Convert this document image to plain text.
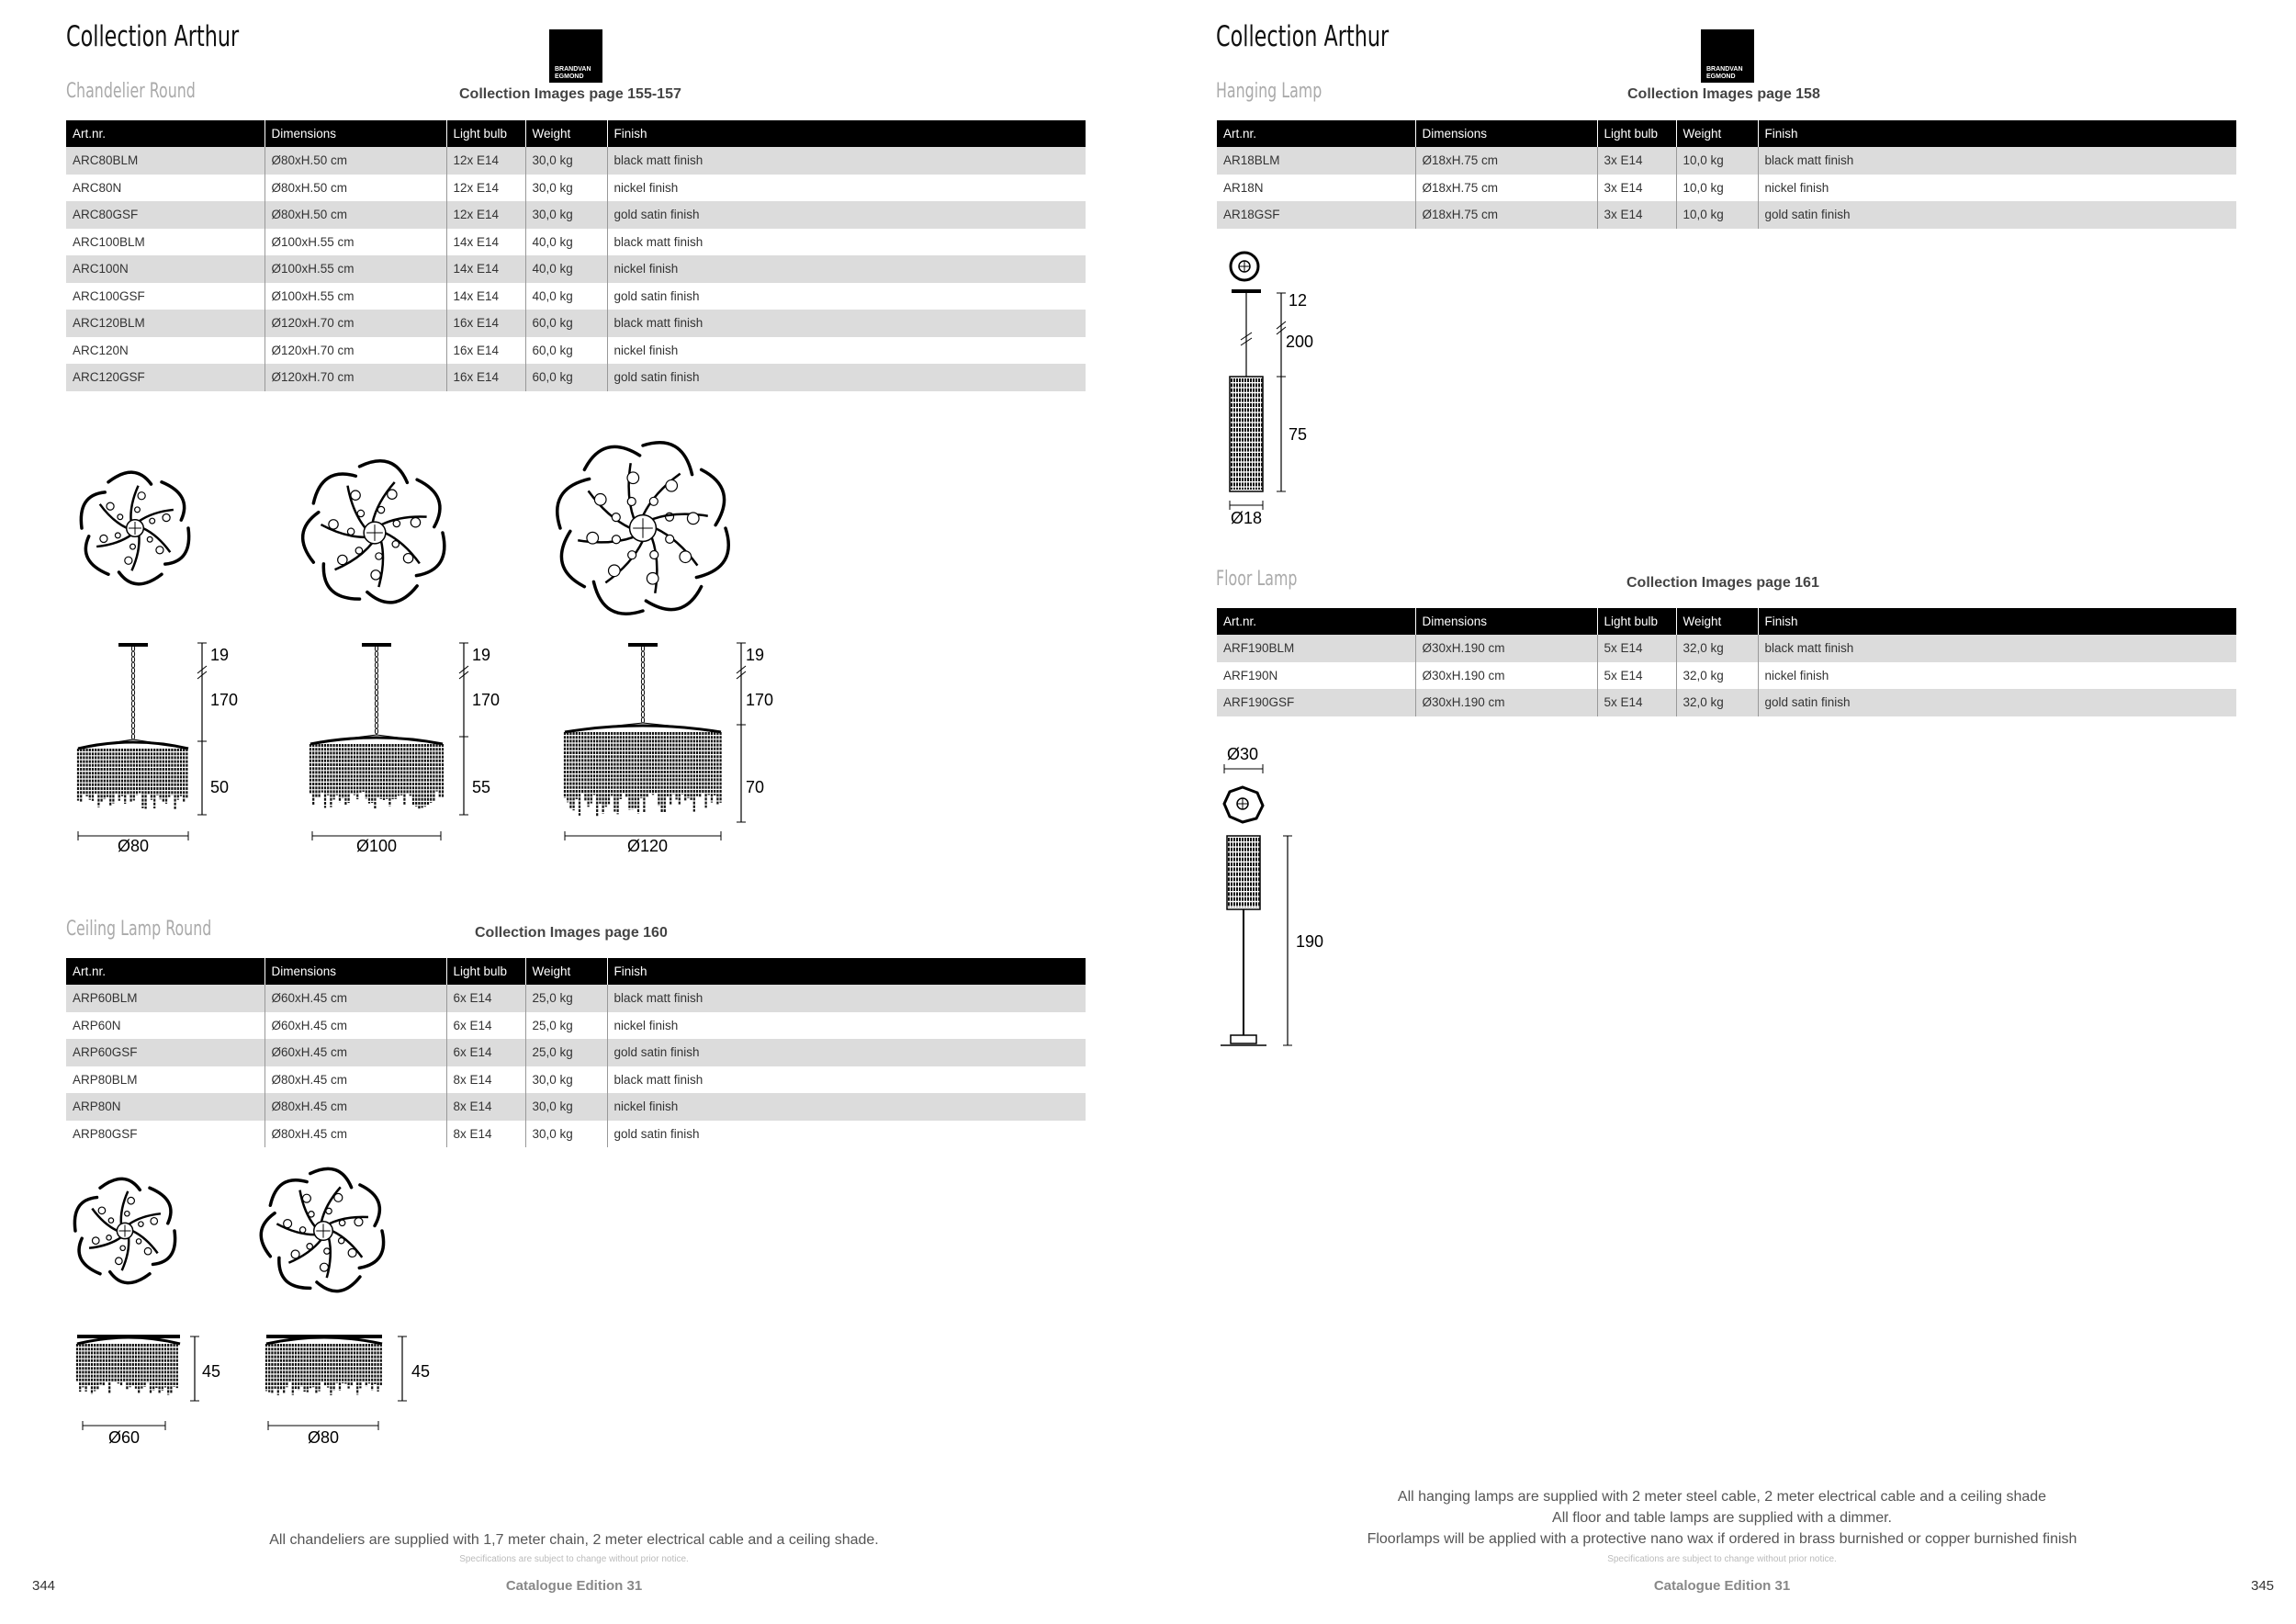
Collection Arthur
BRANDVAN
EGMOND
Chandelier Round	Collection Images page 155-157
Art.nr.	Dimensions	Light bulb	Weight	Finish
ARC80BLM	Ø80xH.50 cm	12x E14	30,0 kg	black matt finish
ARC80N	Ø80xH.50 cm	12x E14	30,0 kg	nickel finish
ARC80GSF	Ø80xH.50 cm	12x E14	30,0 kg	gold satin finish
ARC100BLM	Ø100xH.55 cm	14x E14	40,0 kg	black matt finish
ARC100N	Ø100xH.55 cm	14x E14	40,0 kg	nickel finish
ARC100GSF	Ø100xH.55 cm	14x E14	40,0 kg	gold satin finish
ARC120BLM	Ø120xH.70 cm	16x E14	60,0 kg	black matt finish
ARC120N	Ø120xH.70 cm	16x E14	60,0 kg	nickel finish
ARC120GSF	Ø120xH.70 cm	16x E14	60,0 kg	gold satin finish
19
170
50
Ø80
19
170
55
Ø100
19
170
70
Ø120
Ceiling Lamp Round	Collection Images page 160
Art.nr.	Dimensions	Light bulb	Weight	Finish
ARP60BLM	Ø60xH.45 cm	6x E14	25,0 kg	black matt finish
ARP60N	Ø60xH.45 cm	6x E14	25,0 kg	nickel finish
ARP60GSF	Ø60xH.45 cm	6x E14	25,0 kg	gold satin finish
ARP80BLM	Ø80xH.45 cm	8x E14	30,0 kg	black matt finish
ARP80N	Ø80xH.45 cm	8x E14	30,0 kg	nickel finish
ARP80GSF	Ø80xH.45 cm	8x E14	30,0 kg	gold satin finish
45
Ø60
45
Ø80
All chandeliers are supplied with 1,7 meter chain, 2 meter electrical cable and a ceiling shade.
Specifications are subject to change without prior notice.
Catalogue Edition 31
344
Collection Arthur
BRANDVAN
EGMOND
Hanging Lamp	Collection Images page 158
Art.nr.	Dimensions	Light bulb	Weight	Finish
AR18BLM	Ø18xH.75 cm	3x E14	10,0 kg	black matt finish
AR18N	Ø18xH.75 cm	3x E14	10,0 kg	nickel finish
AR18GSF	Ø18xH.75 cm	3x E14	10,0 kg	gold satin finish
12
200
75
Ø18
Floor Lamp	Collection Images page 161
Art.nr.	Dimensions	Light bulb	Weight	Finish
ARF190BLM	Ø30xH.190 cm	5x E14	32,0 kg	black matt finish
ARF190N	Ø30xH.190 cm	5x E14	32,0 kg	nickel finish
ARF190GSF	Ø30xH.190 cm	5x E14	32,0 kg	gold satin finish
Ø30
190
All hanging lamps are supplied with 2 meter steel cable, 2 meter electrical cable and a ceiling shade
All floor and table lamps are supplied with a dimmer.
Floorlamps will be applied with a protective nano wax if ordered in brass burnished or copper burnished finish
Specifications are subject to change without prior notice.
Catalogue Edition 31	345
